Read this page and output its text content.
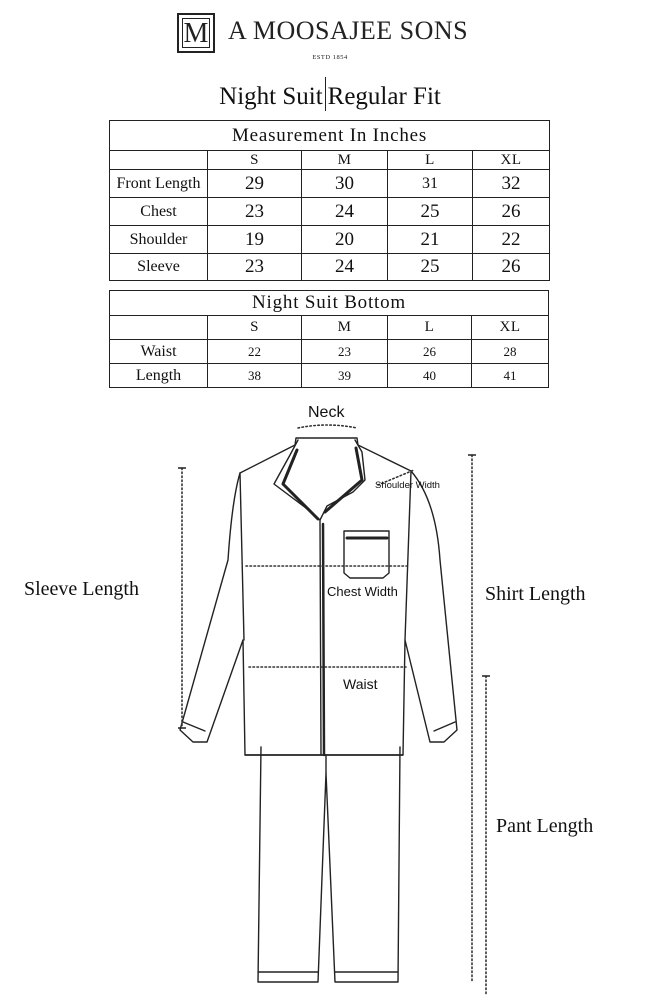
M A MOOSAJEE SONS
ESTD 1854
Night Suit Regular Fit
Measurement In Inches				
	S	M	L	XL
Front Length	29	30	31	32
Chest	23	24	25	26
Shoulder	19	20	21	22
Sleeve	23	24	25	26
Night Suit Bottom				
	S	M	L	XL
Waist	22	23	26	28
Length	38	39	40	41
Neck
Shoulder Width
Chest Width
Waist
Sleeve Length	Shirt Length
Pant Length
